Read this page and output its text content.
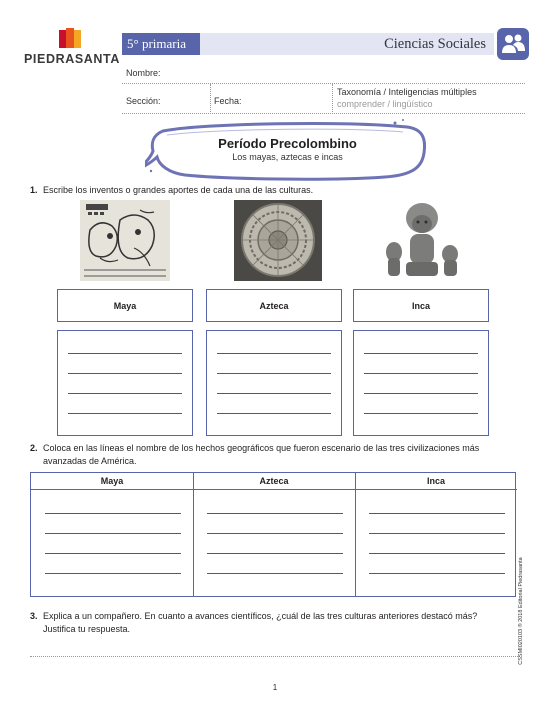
PIEDRASANTA
5° primaria	Ciencias Sociales
Nombre:
Sección:	Fecha:
Taxonomía / Inteligencias múltiples
comprender / lingüístico
Período Precolombino
Los mayas, aztecas e incas
1. Escribe los inventos o grandes aportes de cada una de las culturas.
Maya	Azteca	Inca
2. Coloca en las líneas el nombre de los hechos geográficos que fueron escenario de las tres civilizaciones más avanzadas de América.
Maya	Azteca	Inca
3. Explica a un compañero. En cuanto a avances científicos, ¿cuál de las tres culturas anteriores destacó más? Justifica tu respuesta.
1
CSSMI020103 ® 2018 Editorial Piedrasanta
